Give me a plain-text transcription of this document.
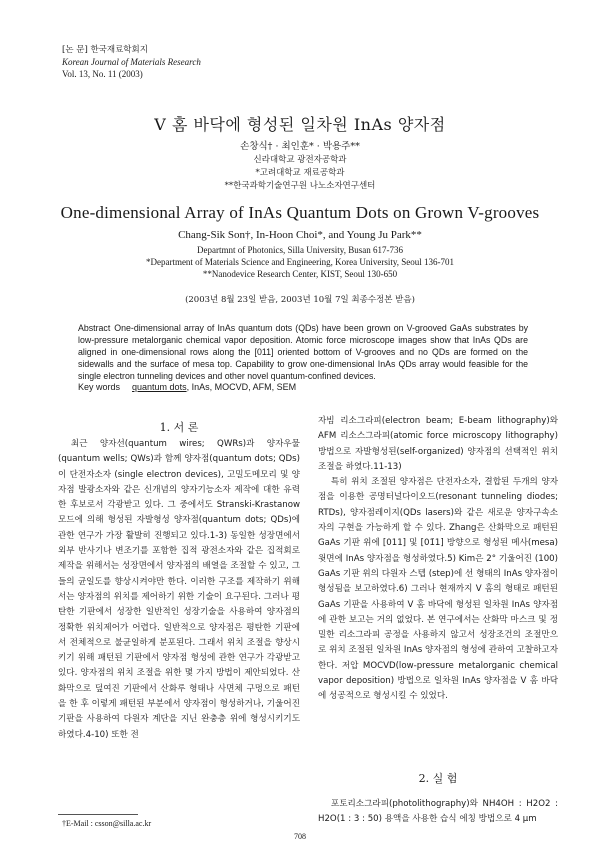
[논 문] 한국재료학회지
Korean Journal of Materials Research
Vol. 13, No. 11 (2003)
V 홈 바닥에 형성된 일차원 InAs 양자점
손창식† · 최인훈* · 박용주**
신라대학교 광전자공학과
*고려대학교 재료공학과
**한국과학기술연구원 나노소자연구센터
One-dimensional Array of InAs Quantum Dots on Grown V-grooves
Chang-Sik Son†, In-Hoon Choi*, and Young Ju Park**
Departmnt of Photonics, Silla University, Busan 617-736
*Department of Materials Science and Engineering, Korea University, Seoul 136-701
**Nanodevice Research Center, KIST, Seoul 130-650
(2003년 8월 23일 받음, 2003년 10월 7일 최종수정본 받음)
Abstract One-dimensional array of InAs quantum dots (QDs) have been grown on V-grooved GaAs substrates by low-pressure metalorganic chemical vapor deposition. Atomic force microscope images show that InAs QDs are aligned in one-dimensional rows along the [011] oriented bottom of V-grooves and no QDs are formed on the sidewalls and the surface of mesa top. Capability to grow one-dimensional InAs QDs array would feasible for the single electron tunneling devices and other novel quantum-confined devices.
Key words quantum dots, InAs, MOCVD, AFM, SEM
1. 서 론

최근 양자선(quantum wires; QWRs)과 양자우물(quantum wells; QWs)과 함께 양자점(quantum dots; QDs)이 단전자소자 (single electron devices), 고밀도메모리 및 양자점 발광소자와 같은 신개념의 양자기능소자 제작에 대한 유력한 후보로서 각광받고 있다. 그 중에서도 Stranski-Krastanow 모드에 의해 형성된 자발형성 양자점(quantum dots; QDs)에 관한 연구가 가장 활발히 진행되고 있다.1-3) 동일한 성장면에서 외부 반사기나 변조기를 포함한 집적 광전소자와 같은 집적회로 제작을 위해서는 성장면에서 양자점의 배열을 조절할 수 있고, 그들의 균일도를 향상시켜야만 한다. 이러한 구조를 제작하기 위해서는 양자점의 위치를 제어하기 위한 기술이 요구된다. 그러나 평탄한 기판에서 성장한 일반적인 성장기술을 사용하여 양자점의 정확한 위치제어가 어렵다. 일반적으로 양자점은 평탄한 기판에서 전체적으로 불균일하게 분포된다. 그래서 위치 조절을 향상시키기 위해 패턴된 기판에서 양자점 형성에 관한 연구가 각광받고 있다. 양자점의 위치 조절을 위한 몇 가지 방법이 제안되었다. 산화막으로 덮여진 기판에서 산화루 형태나 사면체 구멍으로 패턴을 한 후 이렇게 패턴된 부분에서 양자점이 형성하거나, 기울어진 기판을 사용하여 다원자 계단을 지닌 완충층 위에 형성시키기도 하였다.4-10) 또한 전

자빔 리소그라피(electron beam; E-beam lithography)와 AFM 리소스그라피(atomic force microscopy lithography) 방법으로 자발형성된(self-organized) 양자점의 선택적인 위치 조절을 하였다.11-13)

특히 위치 조절된 양자점은 단전자소자, 결합된 두개의 양자점을 이용한 공명터널다이오드(resonant tunneling diodes; RTDs), 양자점레이지(QDs lasers)와 같은 새로운 양자구속소자의 구현을 가능하게 할 수 있다. Zhang은 산화막으로 패턴된 GaAs 기판 위에 [011] 및 [01̄1] 방향으로 형성된 메사(mesa) 윗면에 InAs 양자점을 형성하였다.5) Kim은 2° 기울어진 (100) GaAs 기판 위의 다원자 스텝 (step)에 선 형태의 InAs 양자점이 형성됨을 보고하였다.6) 그러나 현재까지 V 홈의 형태로 패턴된 GaAs 기판을 사용하여 V 홈 바닥에 형성된 일차원 InAs 양자점에 관한 보고는 거의 없었다. 본 연구에서는 산화막 마스크 및 정밀한 리소그라피 공정을 사용하지 않고서 성장조건의 조절만으로 위치 조절된 일차원 InAs 양자점의 형성에 관하여 고찰하고자 한다. 저압 MOCVD(low-pressure metalorganic chemical vapor deposition) 방법으로 일차원 InAs 양자점을 V 홈 바닥에 성공적으로 형성시킬 수 있었다.

2. 실 험

포토리소그라피(photolithography)와 NH4OH : H2O2 : H2O(1 : 3 : 50) 용액을 사용한 습식 에칭 방법으로 4 μm

†E-Mail : csson@silla.ac.kr
708
